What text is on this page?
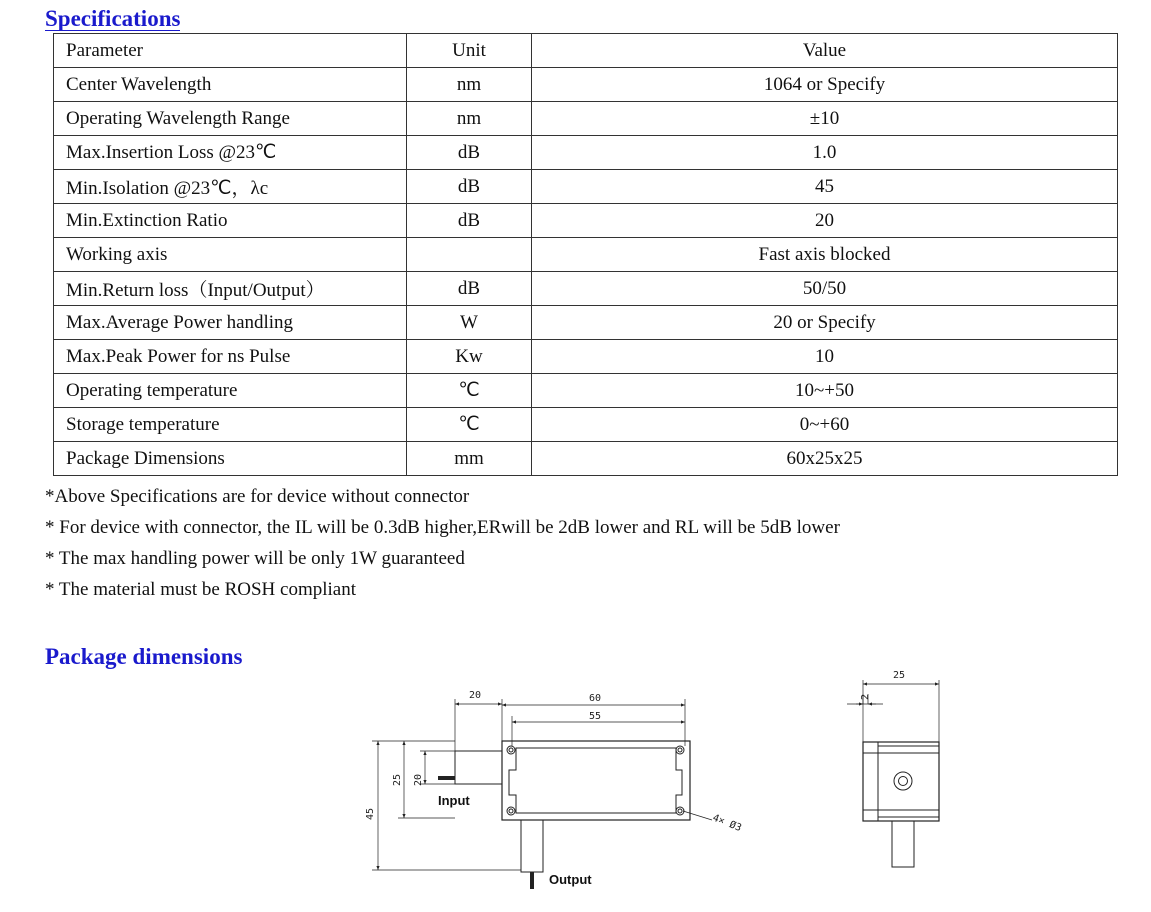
Specifications
Parameter	Unit	Value
Center Wavelength	nm	1064 or Specify
Operating Wavelength Range	nm	±10
Max.Insertion Loss @23℃	dB	1.0
Min.Isolation @23℃，λc	dB	45
Min.Extinction Ratio	dB	20
Working axis		Fast axis blocked
Min.Return loss（Input/Output）	dB	50/50
Max.Average Power handling	W	20 or Specify
Max.Peak Power for ns Pulse	Kw	10
Operating temperature	℃	10~+50
Storage temperature	℃	0~+60
Package Dimensions	mm	60x25x25
*Above Specifications are for device without connector
* For device with connector, the IL will be 0.3dB higher,ERwill be 2dB lower and RL will be 5dB lower
* The max handling power will be only 1W guaranteed
* The material must be ROSH compliant
Package dimensions
20	60
55
45
25 20
4× Ø3
Input
Output
25
2
